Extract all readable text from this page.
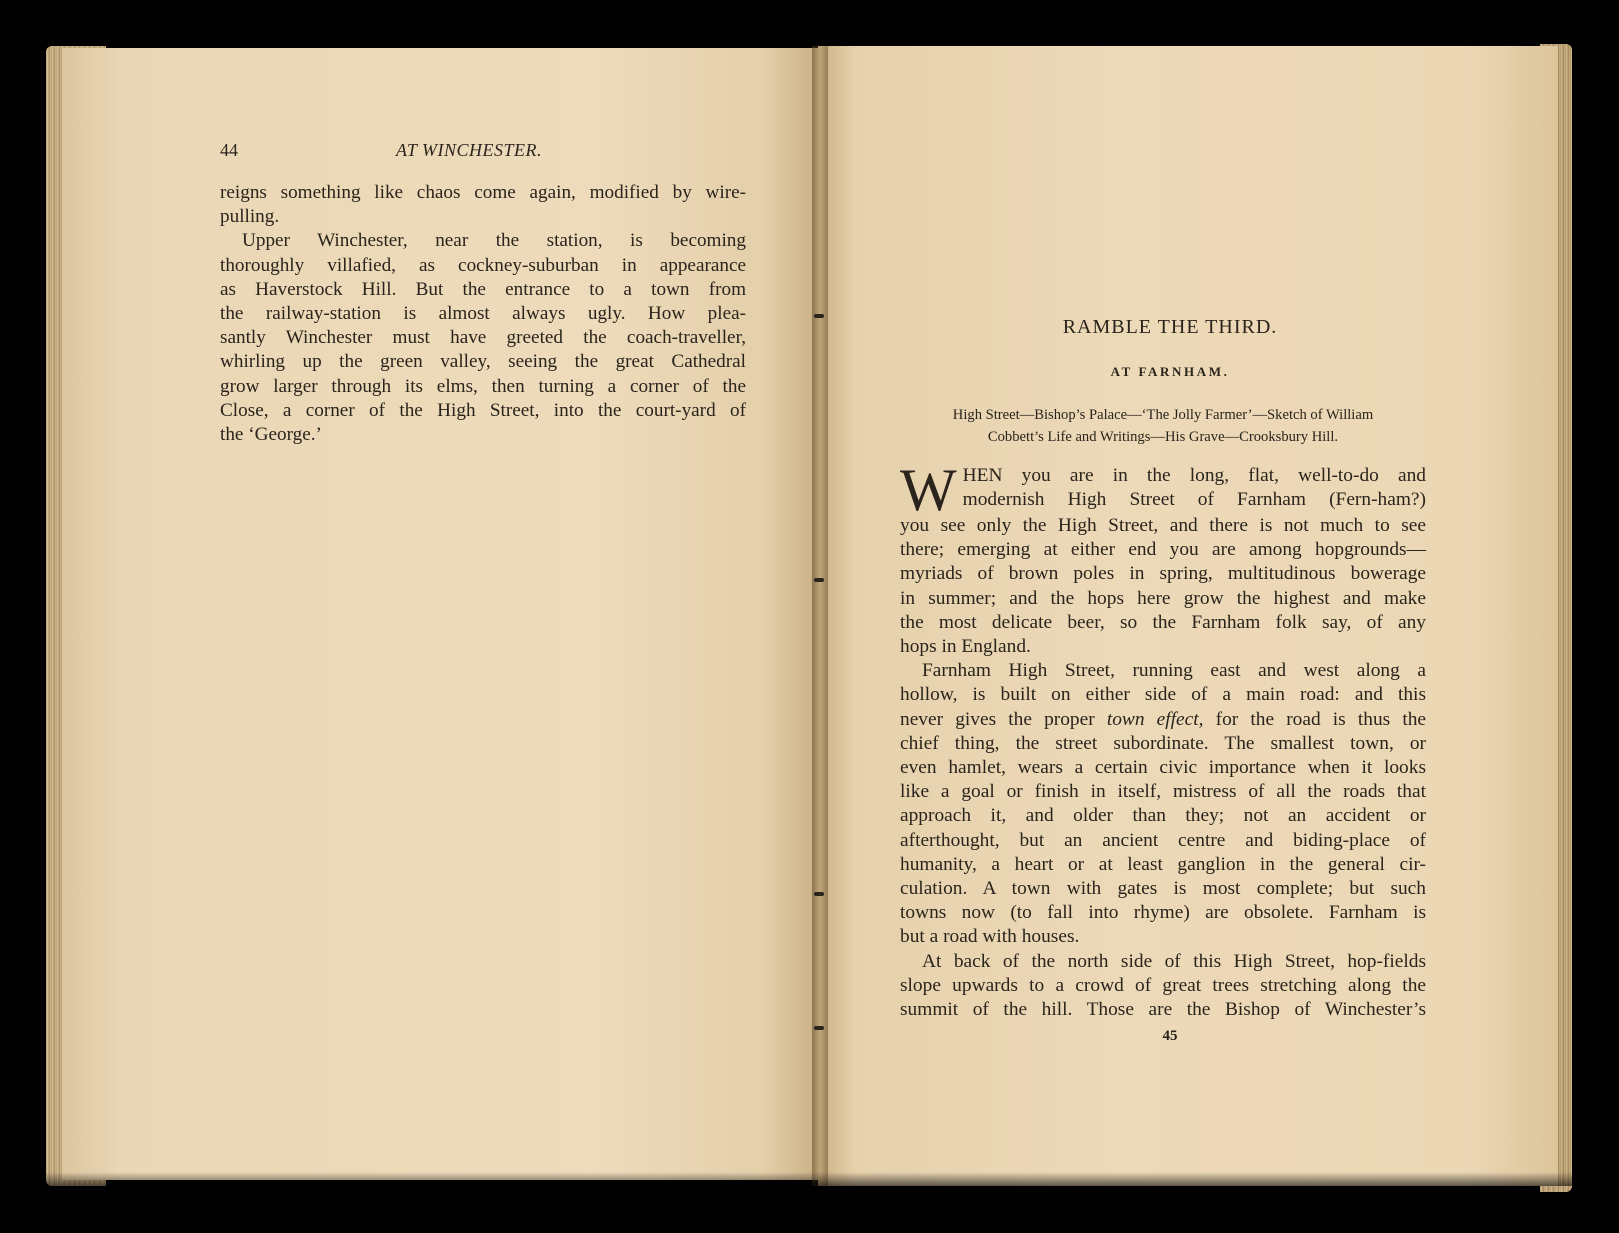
44	AT WINCHESTER.
reigns something like chaos come again, modified by wire-
pulling.
Upper Winchester, near the station, is becoming
thoroughly villafied, as cockney-suburban in appearance
as Haverstock Hill. But the entrance to a town from
the railway-station is almost always ugly. How plea-
santly Winchester must have greeted the coach-traveller,
whirling up the green valley, seeing the great Cathedral
grow larger through its elms, then turning a corner of the
Close, a corner of the High Street, into the court-yard of
the ‘George.’
RAMBLE THE THIRD.
AT FARNHAM.
High Street—Bishop’s Palace—‘The Jolly Farmer’—Sketch of William
Cobbett’s Life and Writings—His Grave—Crooksbury Hill.
W HEN you are in the long, flat, well-to-do and
modernish High Street of Farnham (Fern-ham?)
you see only the High Street, and there is not much to see
there; emerging at either end you are among hopgrounds—
myriads of brown poles in spring, multitudinous bowerage
in summer; and the hops here grow the highest and make
the most delicate beer, so the Farnham folk say, of any
hops in England.
Farnham High Street, running east and west along a
hollow, is built on either side of a main road: and this
never gives the proper town effect, for the road is thus the
chief thing, the street subordinate. The smallest town, or
even hamlet, wears a certain civic importance when it looks
like a goal or finish in itself, mistress of all the roads that
approach it, and older than they; not an accident or
afterthought, but an ancient centre and biding-place of
humanity, a heart or at least ganglion in the general cir-
culation. A town with gates is most complete; but such
towns now (to fall into rhyme) are obsolete. Farnham is
but a road with houses.
At back of the north side of this High Street, hop-fields
slope upwards to a crowd of great trees stretching along the
summit of the hill. Those are the Bishop of Winchester’s
45
